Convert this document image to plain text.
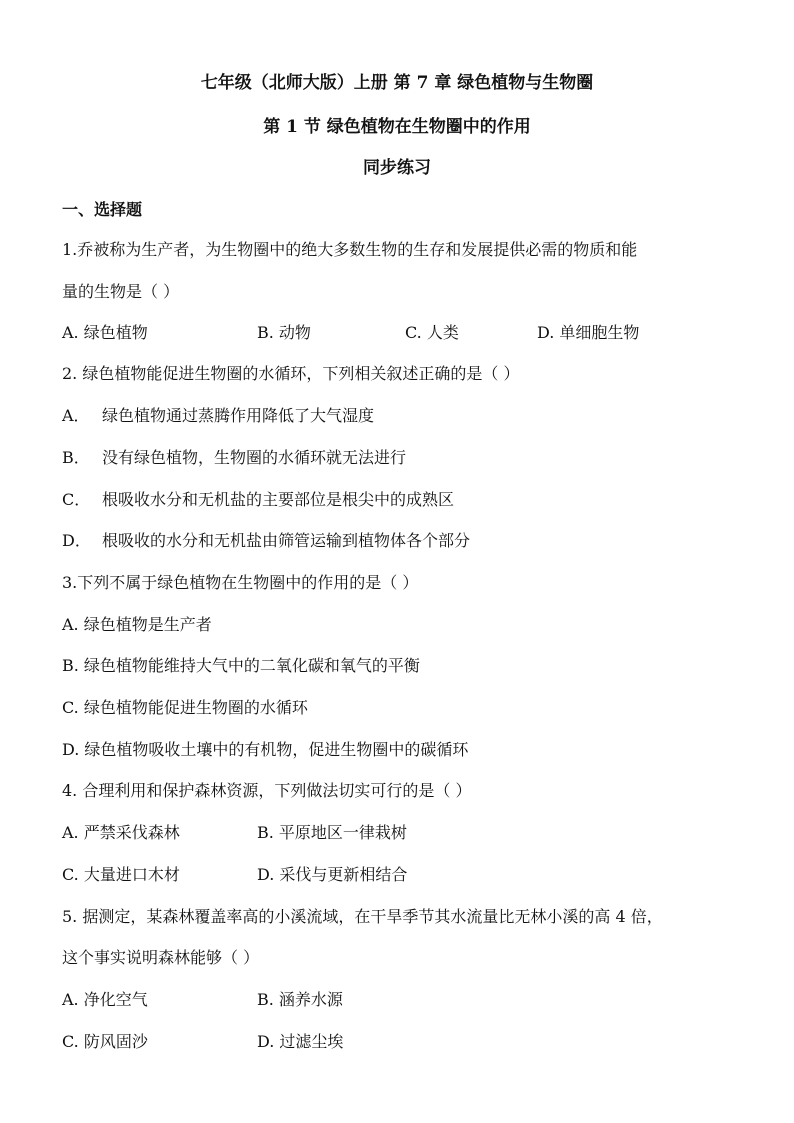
七年级（北师大版）上册 第 7 章 绿色植物与生物圈
第 1 节 绿色植物在生物圈中的作用
同步练习
一、选择题
1.乔被称为生产者，为生物圈中的绝大多数生物的生存和发展提供必需的物质和能
量的生物是（ ）
A. 绿色植物	B. 动物	C. 人类	D. 单细胞生物
2. 绿色植物能促进生物圈的水循环，下列相关叙述正确的是（ ）
A． 绿色植物通过蒸腾作用降低了大气湿度
B． 没有绿色植物，生物圈的水循环就无法进行
C． 根吸收水分和无机盐的主要部位是根尖中的成熟区
D． 根吸收的水分和无机盐由筛管运输到植物体各个部分
3.下列不属于绿色植物在生物圈中的作用的是（ ）
A. 绿色植物是生产者
B. 绿色植物能维持大气中的二氧化碳和氧气的平衡
C. 绿色植物能促进生物圈的水循环
D. 绿色植物吸收土壤中的有机物，促进生物圈中的碳循环
4. 合理利用和保护森林资源，下列做法切实可行的是（ ）
A. 严禁采伐森林	B. 平原地区一律栽树
C. 大量进口木材	D. 采伐与更新相结合
5. 据测定，某森林覆盖率高的小溪流域，在干旱季节其水流量比无林小溪的高 4 倍，
这个事实说明森林能够（ ）
A. 净化空气	B. 涵养水源
C. 防风固沙	D. 过滤尘埃
